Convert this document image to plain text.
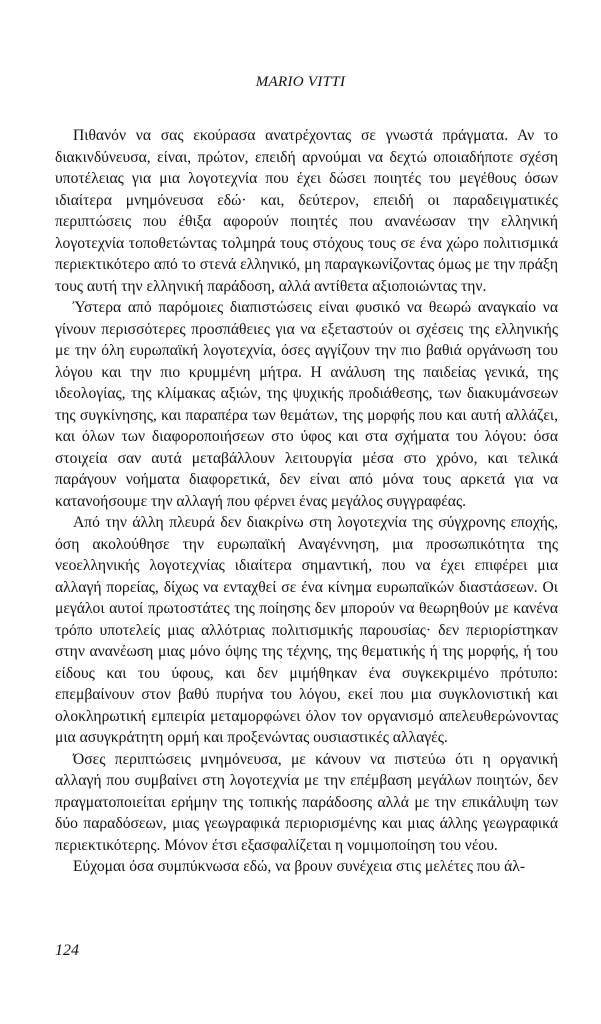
MARIO VITTI

Πιθανόν να σας εκούρασα ανατρέχοντας σε γνωστά πράγματα. Αν το διακινδύνευσα, είναι, πρώτον, επειδή αρνούμαι να δεχτώ οποιαδήποτε σχέση υποτέλειας για μια λογοτεχνία που έχει δώσει ποιητές του μεγέθους όσων ιδιαίτερα μνημόνευσα εδώ· και, δεύτερον, επειδή οι παραδειγματικές περιπτώσεις που έθιξα αφορούν ποιητές που ανανέωσαν την ελληνική λογοτεχνία τοποθετώντας τολμηρά τους στόχους τους σε ένα χώρο πολιτισμικά περιεκτικότερο από το στενά ελληνικό, μη παραγκωνίζοντας όμως με την πράξη τους αυτή την ελληνική παράδοση, αλλά αντίθετα αξιοποιώντας την.

Ύστερα από παρόμοιες διαπιστώσεις είναι φυσικό να θεωρώ αναγκαίο να γίνουν περισσότερες προσπάθειες για να εξεταστούν οι σχέσεις της ελληνικής με την όλη ευρωπαϊκή λογοτεχνία, όσες αγγίζουν την πιο βαθιά οργάνωση του λόγου και την πιο κρυμμένη μήτρα. Η ανάλυση της παιδείας γενικά, της ιδεολογίας, της κλίμακας αξιών, της ψυχικής προδιάθεσης, των διακυμάνσεων της συγκίνησης, και παραπέρα των θεμάτων, της μορφής που και αυτή αλλάζει, και όλων των διαφοροποιήσεων στο ύφος και στα σχήματα του λόγου: όσα στοιχεία σαν αυτά μεταβάλλουν λειτουργία μέσα στο χρόνο, και τελικά παράγουν νοήματα διαφορετικά, δεν είναι από μόνα τους αρκετά για να κατανοήσουμε την αλλαγή που φέρνει ένας μεγάλος συγγραφέας.

Από την άλλη πλευρά δεν διακρίνω στη λογοτεχνία της σύγχρονης εποχής, όση ακολούθησε την ευρωπαϊκή Αναγέννηση, μια προσωπικότητα της νεοελληνικής λογοτεχνίας ιδιαίτερα σημαντική, που να έχει επιφέρει μια αλλαγή πορείας, δίχως να ενταχθεί σε ένα κίνημα ευρωπαϊκών διαστάσεων. Οι μεγάλοι αυτοί πρωτοστάτες της ποίησης δεν μπορούν να θεωρηθούν με κανένα τρόπο υποτελείς μιας αλλότριας πολιτισμικής παρουσίας· δεν περιορίστηκαν στην ανανέωση μιας μόνο όψης της τέχνης, της θεματικής ή της μορφής, ή του είδους και του ύφους, και δεν μιμήθηκαν ένα συγκεκριμένο πρότυπο: επεμβαίνουν στον βαθύ πυρήνα του λόγου, εκεί που μια συγκλονιστική και ολοκληρωτική εμπειρία μεταμορφώνει όλον τον οργανισμό απελευθερώνοντας μια ασυγκράτητη ορμή και προξενώντας ουσιαστικές αλλαγές.

Όσες περιπτώσεις μνημόνευσα, με κάνουν να πιστεύω ότι η οργανική αλλαγή που συμβαίνει στη λογοτεχνία με την επέμβαση μεγάλων ποιητών, δεν πραγματοποιείται ερήμην της τοπικής παράδοσης αλλά με την επικάλυψη των δύο παραδόσεων, μιας γεωγραφικά περιορισμένης και μιας άλλης γεωγραφικά περιεκτικότερης. Μόνον έτσι εξασφαλίζεται η νομιμοποίηση του νέου.

Εύχομαι όσα συμπύκνωσα εδώ, να βρουν συνέχεια στις μελέτες που άλ-

124
